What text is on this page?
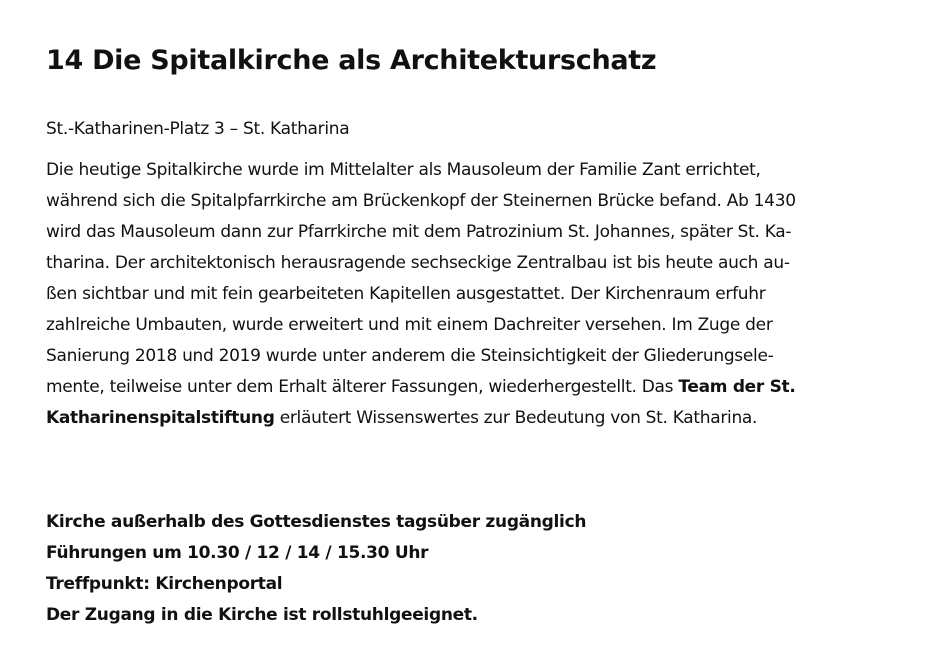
14 Die Spitalkirche als Architekturschatz

St.-Katharinen-Platz 3 – St. Katharina

Die heutige Spitalkirche wurde im Mittelalter als Mausoleum der Familie Zant errichtet,
während sich die Spitalpfarrkirche am Brückenkopf der Steinernen Brücke befand. Ab 1430
wird das Mausoleum dann zur Pfarrkirche mit dem Patrozinium St. Johannes, später St. Ka-
tharina. Der architektonisch herausragende sechseckige Zentralbau ist bis heute auch au-
ßen sichtbar und mit fein gearbeiteten Kapitellen ausgestattet. Der Kirchenraum erfuhr
zahlreiche Umbauten, wurde erweitert und mit einem Dachreiter versehen. Im Zuge der
Sanierung 2018 und 2019 wurde unter anderem die Steinsichtigkeit der Gliederungsele-
mente, teilweise unter dem Erhalt älterer Fassungen, wiederhergestellt. Das Team der St.
Katharinenspitalstiftung erläutert Wissenswertes zur Bedeutung von St. Katharina.

Kirche außerhalb des Gottesdienstes tagsüber zugänglich
Führungen um 10.30 / 12 / 14 / 15.30 Uhr
Treffpunkt: Kirchenportal
Der Zugang in die Kirche ist rollstuhlgeeignet.
